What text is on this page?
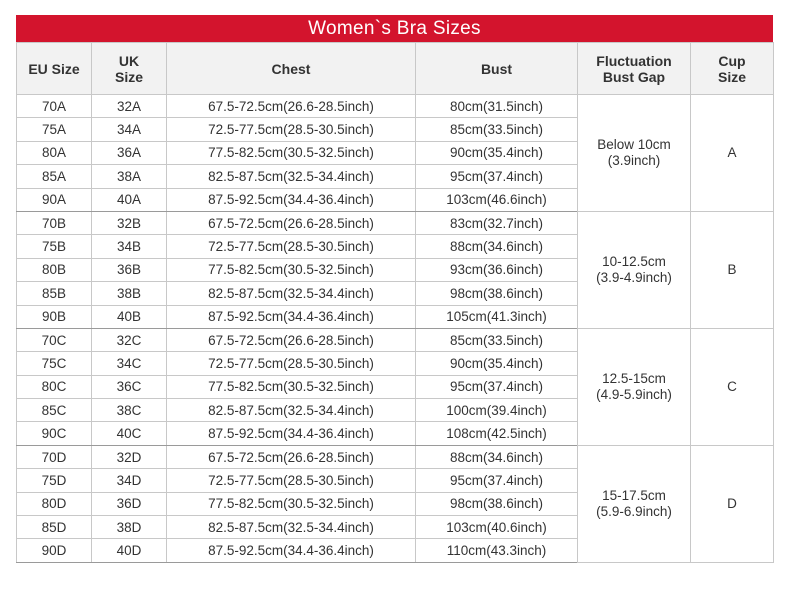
Women`s Bra Sizes
EU Size	UK Size	Chest	Bust	Fluctuation Bust Gap	Cup Size
70A	32A	67.5-72.5cm(26.6-28.5inch)	80cm(31.5inch)	Below 10cm (3.9inch)	A
75A	34A	72.5-77.5cm(28.5-30.5inch)	85cm(33.5inch)		
80A	36A	77.5-82.5cm(30.5-32.5inch)	90cm(35.4inch)		
85A	38A	82.5-87.5cm(32.5-34.4inch)	95cm(37.4inch)		
90A	40A	87.5-92.5cm(34.4-36.4inch)	103cm(46.6inch)		
70B	32B	67.5-72.5cm(26.6-28.5inch)	83cm(32.7inch)	10-12.5cm (3.9-4.9inch)	B
75B	34B	72.5-77.5cm(28.5-30.5inch)	88cm(34.6inch)		
80B	36B	77.5-82.5cm(30.5-32.5inch)	93cm(36.6inch)		
85B	38B	82.5-87.5cm(32.5-34.4inch)	98cm(38.6inch)		
90B	40B	87.5-92.5cm(34.4-36.4inch)	105cm(41.3inch)		
70C	32C	67.5-72.5cm(26.6-28.5inch)	85cm(33.5inch)	12.5-15cm (4.9-5.9inch)	C
75C	34C	72.5-77.5cm(28.5-30.5inch)	90cm(35.4inch)		
80C	36C	77.5-82.5cm(30.5-32.5inch)	95cm(37.4inch)		
85C	38C	82.5-87.5cm(32.5-34.4inch)	100cm(39.4inch)		
90C	40C	87.5-92.5cm(34.4-36.4inch)	108cm(42.5inch)		
70D	32D	67.5-72.5cm(26.6-28.5inch)	88cm(34.6inch)	15-17.5cm (5.9-6.9inch)	D
75D	34D	72.5-77.5cm(28.5-30.5inch)	95cm(37.4inch)		
80D	36D	77.5-82.5cm(30.5-32.5inch)	98cm(38.6inch)		
85D	38D	82.5-87.5cm(32.5-34.4inch)	103cm(40.6inch)		
90D	40D	87.5-92.5cm(34.4-36.4inch)	110cm(43.3inch)		
